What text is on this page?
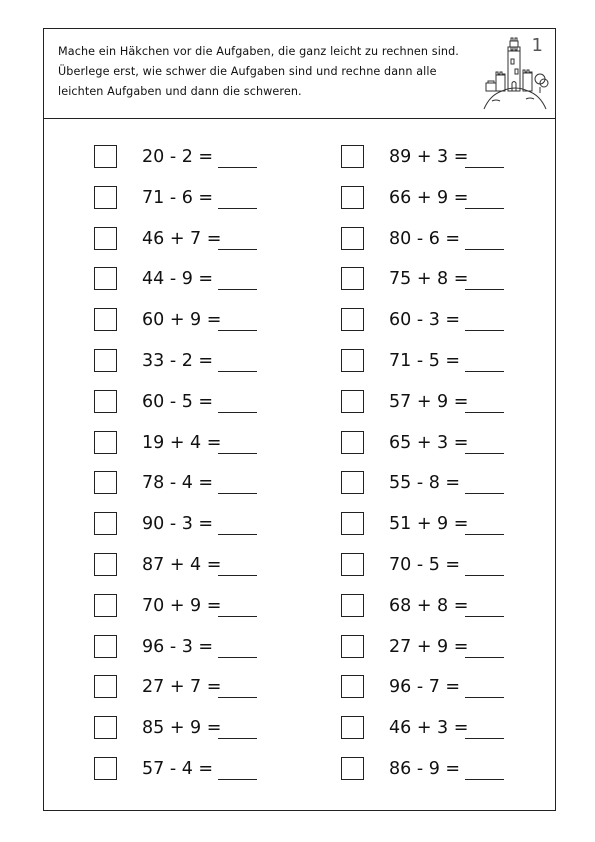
Mache ein Häkchen vor die Aufgaben, die ganz leicht zu rechnen sind.
Überlege erst, wie schwer die Aufgaben sind und rechne dann alle
leichten Aufgaben und dann die schweren.
1
20 - 2 =
71 - 6 =
46 + 7 =
44 - 9 =
60 + 9 =
33 - 2 =
60 - 5 =
19 + 4 =
78 - 4 =
90 - 3 =
87 + 4 =
70 + 9 =
96 - 3 =
27 + 7 =
85 + 9 =
57 - 4 =
89 + 3 =
66 + 9 =
80 - 6 =
75 + 8 =
60 - 3 =
71 - 5 =
57 + 9 =
65 + 3 =
55 - 8 =
51 + 9 =
70 - 5 =
68 + 8 =
27 + 9 =
96 - 7 =
46 + 3 =
86 - 9 =
